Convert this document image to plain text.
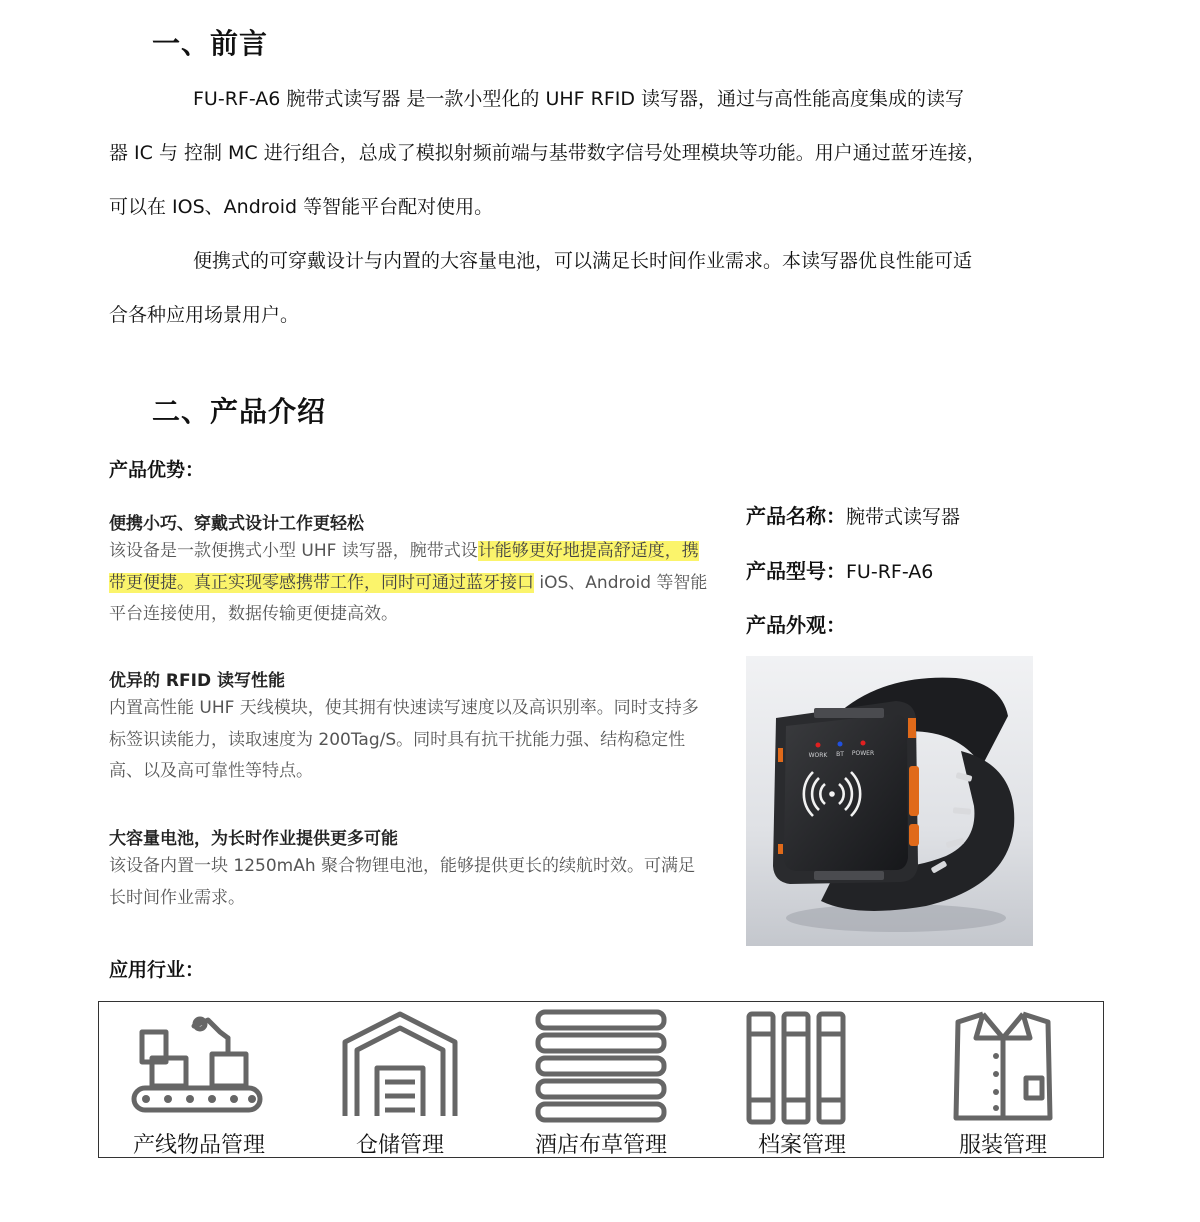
一、前言
FU-RF-A6 腕带式读写器 是一款小型化的 UHF RFID 读写器，通过与高性能高度集成的读写
器 IC 与 控制 MC 进行组合，总成了模拟射频前端与基带数字信号处理模块等功能。用户通过蓝牙连接，
可以在 IOS、Android 等智能平台配对使用。
便携式的可穿戴设计与内置的大容量电池，可以满足长时间作业需求。本读写器优良性能可适
合各种应用场景用户。
二、产品介绍
产品优势：
便携小巧、穿戴式设计工作更轻松
该设备是一款便携式小型 UHF 读写器，腕带式设计能够更好地提高舒适度，携带更便捷。真正实现零感携带工作，同时可通过蓝牙接口 iOS、Android 等智能平台连接使用，数据传输更便捷高效。
优异的 RFID 读写性能
内置高性能 UHF 天线模块，使其拥有快速读写速度以及高识别率。同时支持多标签识读能力，读取速度为 200Tag/S。同时具有抗干扰能力强、结构稳定性高、以及高可靠性等特点。
大容量电池，为长时作业提供更多可能
该设备内置一块 1250mAh 聚合物锂电池，能够提供更长的续航时效。可满足长时间作业需求。
产品名称：腕带式读写器
产品型号：FU-RF-A6
产品外观：
WORK BT POWER
应用行业：
产线物品管理	仓储管理	酒店布草管理	档案管理	服装管理
